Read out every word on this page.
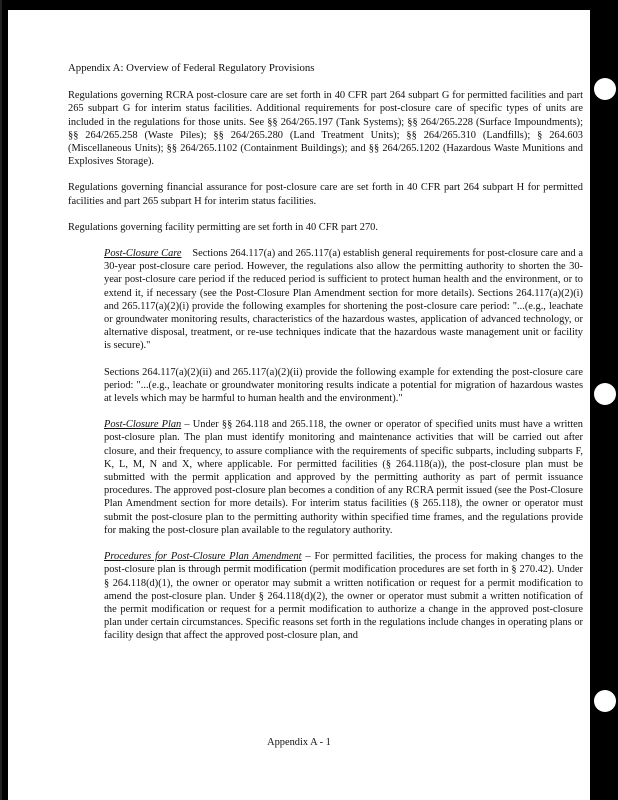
Appendix A: Overview of Federal Regulatory Provisions

Regulations governing RCRA post-closure care are set forth in 40 CFR part 264 subpart G for permitted facilities and part 265 subpart G for interim status facilities. Additional requirements for post-closure care of specific types of units are included in the regulations for those units. See §§ 264/265.197 (Tank Systems); §§ 264/265.228 (Surface Impoundments); §§ 264/265.258 (Waste Piles); §§ 264/265.280 (Land Treatment Units); §§ 264/265.310 (Landfills); § 264.603 (Miscellaneous Units); §§ 264/265.1102 (Containment Buildings); and §§ 264/265.1202 (Hazardous Waste Munitions and Explosives Storage).

Regulations governing financial assurance for post-closure care are set forth in 40 CFR part 264 subpart H for permitted facilities and part 265 subpart H for interim status facilities.

Regulations governing facility permitting are set forth in 40 CFR part 270.

Post-Closure Care Sections 264.117(a) and 265.117(a) establish general requirements for post-closure care and a 30-year post-closure care period. However, the regulations also allow the permitting authority to shorten the 30-year post-closure care period if the reduced period is sufficient to protect human health and the environment, or to extend it, if necessary (see the Post-Closure Plan Amendment section for more details). Sections 264.117(a)(2)(i) and 265.117(a)(2)(i) provide the following examples for shortening the post-closure care period: "...(e.g., leachate or groundwater monitoring results, characteristics of the hazardous wastes, application of advanced technology, or alternative disposal, treatment, or re-use techniques indicate that the hazardous waste management unit or facility is secure)."

Sections 264.117(a)(2)(ii) and 265.117(a)(2)(ii) provide the following example for extending the post-closure care period: "...(e.g., leachate or groundwater monitoring results indicate a potential for migration of hazardous wastes at levels which may be harmful to human health and the environment)."

Post-Closure Plan – Under §§ 264.118 and 265.118, the owner or operator of specified units must have a written post-closure plan. The plan must identify monitoring and maintenance activities that will be carried out after closure, and their frequency, to assure compliance with the requirements of specific subparts, including subparts F, K, L, M, N and X, where applicable. For permitted facilities (§ 264.118(a)), the post-closure plan must be submitted with the permit application and approved by the permitting authority as part of permit issuance procedures. The approved post-closure plan becomes a condition of any RCRA permit issued (see the Post-Closure Plan Amendment section for more details). For interim status facilities (§ 265.118), the owner or operator must submit the post-closure plan to the permitting authority within specified time frames, and the regulations provide for making the post-closure plan available to the regulatory authority.

Procedures for Post-Closure Plan Amendment – For permitted facilities, the process for making changes to the post-closure plan is through permit modification (permit modification procedures are set forth in § 270.42). Under § 264.118(d)(1), the owner or operator may submit a written notification or request for a permit modification to amend the post-closure plan. Under § 264.118(d)(2), the owner or operator must submit a written notification of the permit modification or request for a permit modification to authorize a change in the approved post-closure plan under certain circumstances. Specific reasons set forth in the regulations include changes in operating plans or facility design that affect the approved post-closure plan, and

Appendix A - 1
